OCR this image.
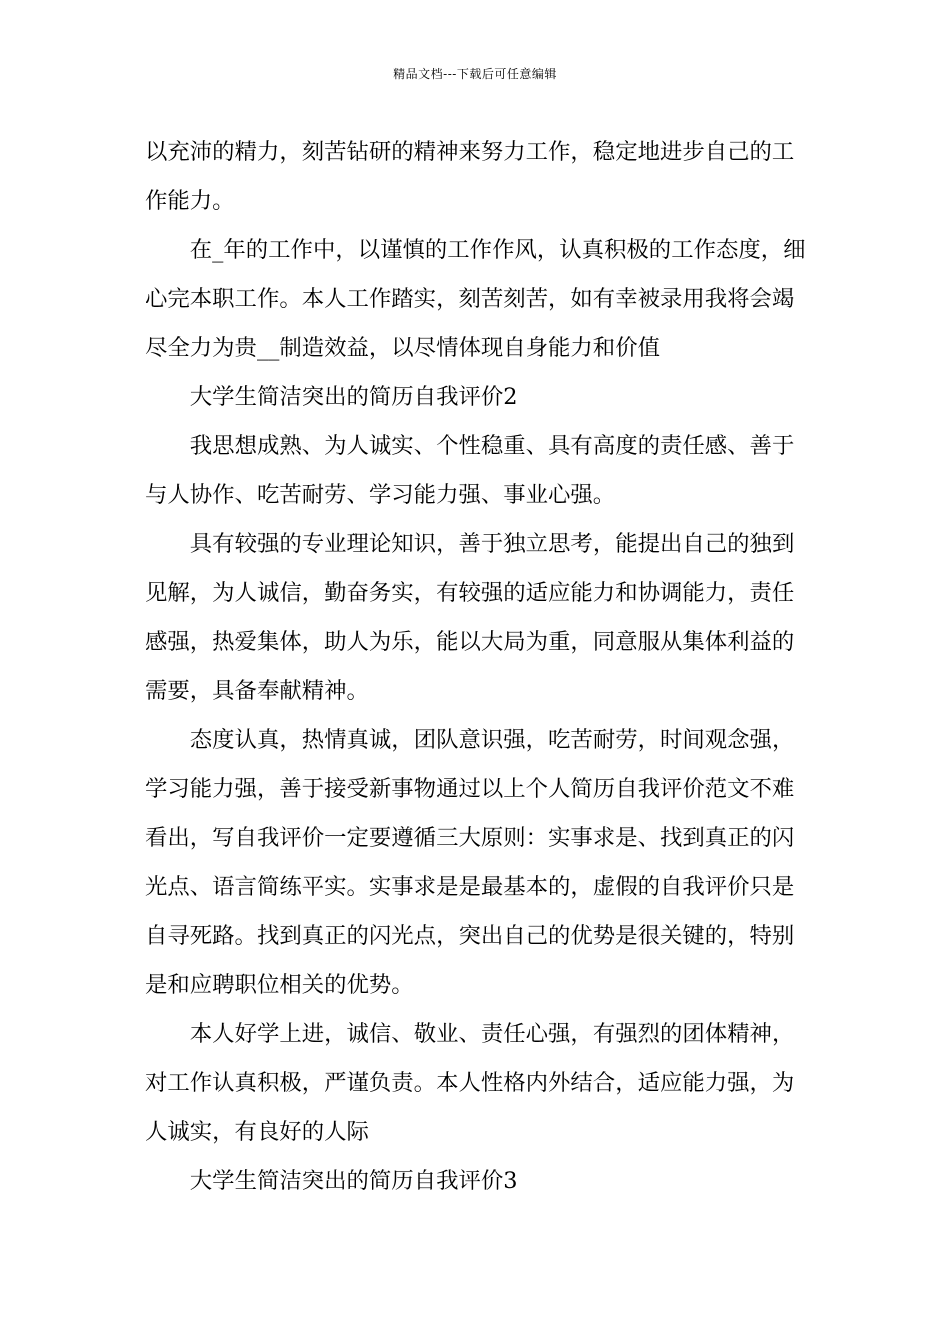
精品文档---下载后可任意编辑

以充沛的精力，刻苦钻研的精神来努力工作，稳定地进步自己的工作能力。

在_年的工作中，以谨慎的工作作风，认真积极的工作态度，细心完本职工作。本人工作踏实，刻苦刻苦，如有幸被录用我将会竭尽全力为贵__制造效益，以尽情体现自身能力和价值

大学生简洁突出的简历自我评价2

我思想成熟、为人诚实、个性稳重、具有高度的责任感、善于与人协作、吃苦耐劳、学习能力强、事业心强。

具有较强的专业理论知识，善于独立思考，能提出自己的独到见解，为人诚信，勤奋务实，有较强的适应能力和协调能力，责任感强，热爱集体，助人为乐，能以大局为重，同意服从集体利益的需要，具备奉献精神。

态度认真，热情真诚，团队意识强，吃苦耐劳，时间观念强，学习能力强，善于接受新事物通过以上个人简历自我评价范文不难看出，写自我评价一定要遵循三大原则：实事求是、找到真正的闪光点、语言简练平实。实事求是是最基本的，虚假的自我评价只是自寻死路。找到真正的闪光点，突出自己的优势是很关键的，特别是和应聘职位相关的优势。

本人好学上进，诚信、敬业、责任心强，有强烈的团体精神，对工作认真积极，严谨负责。本人性格内外结合，适应能力强，为人诚实，有良好的人际

大学生简洁突出的简历自我评价3
